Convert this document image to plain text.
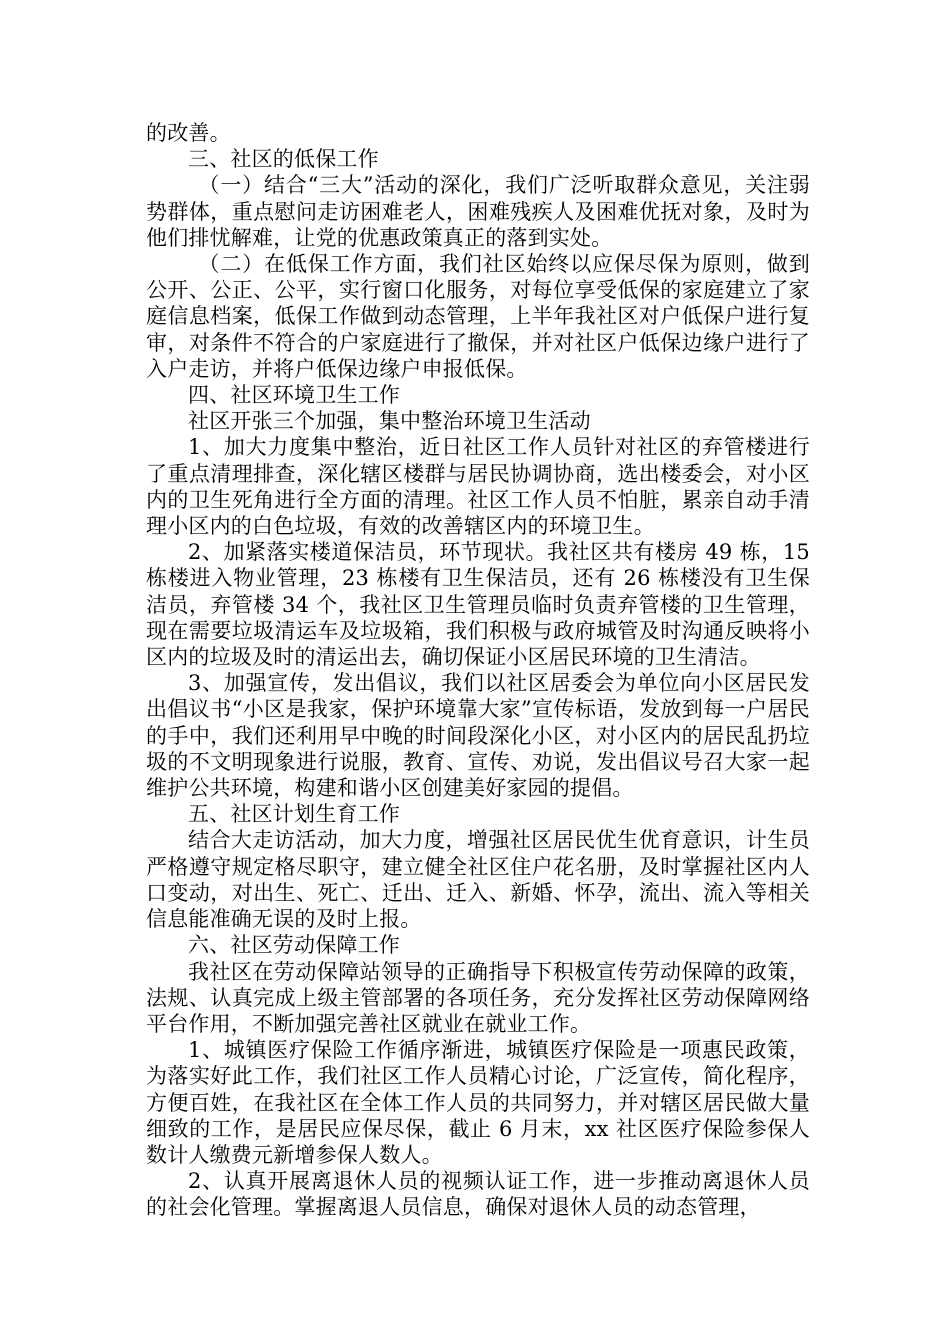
的改善。

三、社区的低保工作

（一）结合“三大”活动的深化，我们广泛听取群众意见，关注弱势群体，重点慰问走访困难老人，困难残疾人及困难优抚对象，及时为他们排忧解难，让党的优惠政策真正的落到实处。

（二）在低保工作方面，我们社区始终以应保尽保为原则，做到公开、公正、公平，实行窗口化服务，对每位享受低保的家庭建立了家庭信息档案，低保工作做到动态管理，上半年我社区对户低保户进行复审，对条件不符合的户家庭进行了撤保，并对社区户低保边缘户进行了入户走访，并将户低保边缘户申报低保。

四、社区环境卫生工作

社区开张三个加强，集中整治环境卫生活动

1、加大力度集中整治，近日社区工作人员针对社区的弃管楼进行了重点清理排查，深化辖区楼群与居民协调协商，选出楼委会，对小区内的卫生死角进行全方面的清理。社区工作人员不怕脏，累亲自动手清理小区内的白色垃圾，有效的改善辖区内的环境卫生。

2、加紧落实楼道保洁员，环节现状。我社区共有楼房 49 栋，15 栋楼进入物业管理，23 栋楼有卫生保洁员，还有 26 栋楼没有卫生保洁员，弃管楼 34 个，我社区卫生管理员临时负责弃管楼的卫生管理，现在需要垃圾清运车及垃圾箱，我们积极与政府城管及时沟通反映将小区内的垃圾及时的清运出去，确切保证小区居民环境的卫生清洁。

3、加强宣传，发出倡议，我们以社区居委会为单位向小区居民发出倡议书“小区是我家，保护环境靠大家”宣传标语，发放到每一户居民的手中，我们还利用早中晚的时间段深化小区，对小区内的居民乱扔垃圾的不文明现象进行说服，教育、宣传、劝说，发出倡议号召大家一起维护公共环境，构建和谐小区创建美好家园的提倡。

五、社区计划生育工作

结合大走访活动，加大力度，增强社区居民优生优育意识，计生员严格遵守规定格尽职守，建立健全社区住户花名册，及时掌握社区内人口变动，对出生、死亡、迁出、迁入、新婚、怀孕，流出、流入等相关信息能准确无误的及时上报。

六、社区劳动保障工作

我社区在劳动保障站领导的正确指导下积极宣传劳动保障的政策，法规、认真完成上级主管部署的各项任务，充分发挥社区劳动保障网络平台作用，不断加强完善社区就业在就业工作。

1、城镇医疗保险工作循序渐进，城镇医疗保险是一项惠民政策，为落实好此工作，我们社区工作人员精心讨论，广泛宣传，简化程序，方便百姓，在我社区在全体工作人员的共同努力，并对辖区居民做大量细致的工作，是居民应保尽保，截止 6 月末，xx 社区医疗保险参保人数计人缴费元新增参保人数人。

2、认真开展离退休人员的视频认证工作，进一步推动离退休人员的社会化管理。掌握离退人员信息，确保对退休人员的动态管理，
